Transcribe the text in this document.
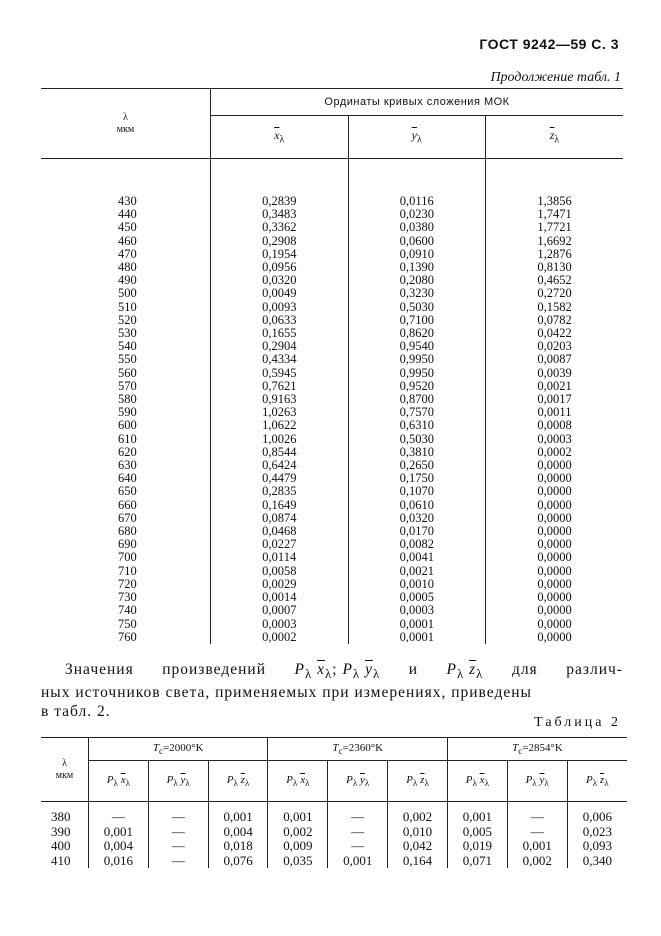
ГОСТ 9242—59 С. 3
Продолжение табл. 1
λ
мкм	Ординаты кривых сложения МОК		
	$\overline{x}_\lambda$	$\overline{y}_\lambda$	$\overline{z}_\lambda$
430	0,2839	0,0116	1,3856
440	0,3483	0,0230	1,7471
450	0,3362	0,0380	1,7721
460	0,2908	0,0600	1,6692
470	0,1954	0,0910	1,2876
480	0,0956	0,1390	0,8130
490	0,0320	0,2080	0,4652
500	0,0049	0,3230	0,2720
510	0,0093	0,5030	0,1582
520	0,0633	0,7100	0,0782
530	0,1655	0,8620	0,0422
540	0,2904	0,9540	0,0203
550	0,4334	0,9950	0,0087
560	0,5945	0,9950	0,0039
570	0,7621	0,9520	0,0021
580	0,9163	0,8700	0,0017
590	1,0263	0,7570	0,0011
600	1,0622	0,6310	0,0008
610	1,0026	0,5030	0,0003
620	0,8544	0,3810	0,0002
630	0,6424	0,2650	0,0000
640	0,4479	0,1750	0,0000
650	0,2835	0,1070	0,0000
660	0,1649	0,0610	0,0000
670	0,0874	0,0320	0,0000
680	0,0468	0,0170	0,0000
690	0,0227	0,0082	0,0000
700	0,0114	0,0041	0,0000
710	0,0058	0,0021	0,0000
720	0,0029	0,0010	0,0000
730	0,0014	0,0005	0,0000
740	0,0007	0,0003	0,0000
750	0,0003	0,0001	0,0000
760	0,0002	0,0001	0,0000
Значения произведений $P_\lambda$ $\overline{x}_\lambda$; $P_\lambda$ $\overline{y}_\lambda$ и $P_\lambda$ $\overline{z}_\lambda$ для различ-
ных источников света, применяемых при измерениях, приведены
в табл. 2.
Таблица 2
λ
мкм	$T_c=2000^\circ K$			$T_c=2360^\circ K$			$T_c=2854^\circ K$		
	$P_\lambda$ $\overline{x}_\lambda$	$P_\lambda$ $\overline{y}_\lambda$	$P_\lambda$ $\overline{z}_\lambda$	$P_\lambda$ $\overline{x}_\lambda$	$P_\lambda$ $\overline{y}_\lambda$	$P_\lambda$ $\overline{z}_\lambda$	$P_\lambda$ $\overline{x}_\lambda$	$P_\lambda$ $\overline{y}_\lambda$	$P_\lambda$ $\overline{z}_\lambda$
380	—	—	0,001	0,001	—	0,002	0,001	—	0,006
390	0,001	—	0,004	0,002	—	0,010	0,005	—	0,023
400	0,004	—	0,018	0,009	—	0,042	0,019	0,001	0,093
410	0,016	—	0,076	0,035	0,001	0,164	0,071	0,002	0,340
